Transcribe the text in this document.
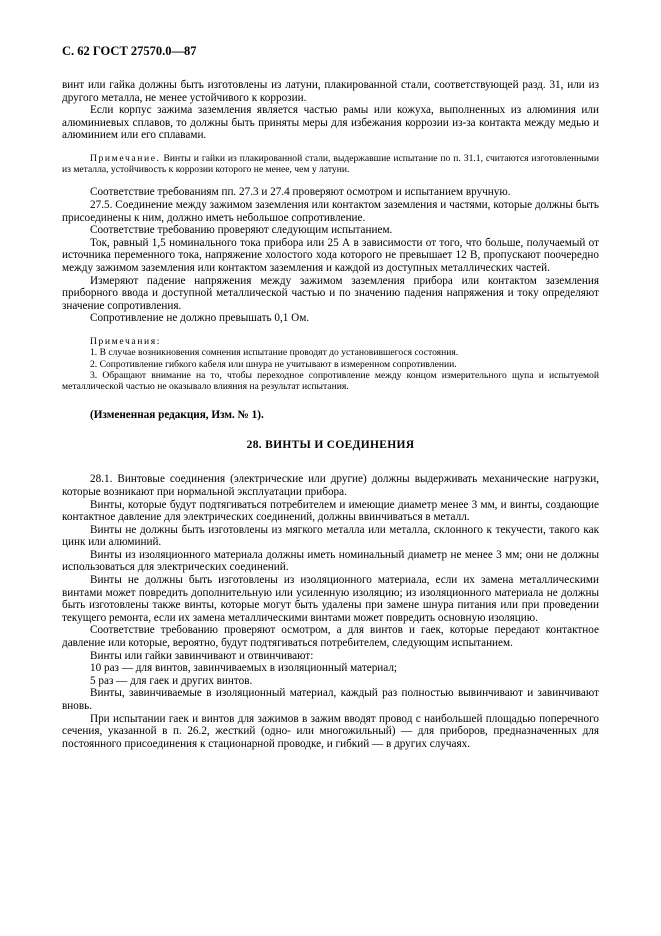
С. 62 ГОСТ 27570.0—87

винт или гайка должны быть изготовлены из латуни, плакированной стали, соответствующей разд. 31, или из другого металла, не менее устойчивого к коррозии.

Если корпус зажима заземления является частью рамы или кожуха, выполненных из алюминия или алюминиевых сплавов, то должны быть приняты меры для избежания коррозии из-за контакта между медью и алюминием или его сплавами.

Примечание. Винты и гайки из плакированной стали, выдержавшие испытание по п. 31.1, считаются изготовленными из металла, устойчивость к коррозии которого не менее, чем у латуни.

Соответствие требованиям пп. 27.3 и 27.4 проверяют осмотром и испытанием вручную.

27.5. Соединение между зажимом заземления или контактом заземления и частями, которые должны быть присоединены к ним, должно иметь небольшое сопротивление.

Соответствие требованию проверяют следующим испытанием.

Ток, равный 1,5 номинального тока прибора или 25 А в зависимости от того, что больше, получаемый от источника переменного тока, напряжение холостого хода которого не превышает 12 В, пропускают поочередно между зажимом заземления или контактом заземления и каждой из доступных металлических частей.

Измеряют падение напряжения между зажимом заземления прибора или контактом заземления приборного ввода и доступной металлической частью и по значению падения напряжения и току определяют значение сопротивления.

Сопротивление не должно превышать 0,1 Ом.

Примечания:

1. В случае возникновения сомнения испытание проводят до установившегося состояния.

2. Сопротивление гибкого кабеля или шнура не учитывают в измеренном сопротивлении.

3. Обращают внимание на то, чтобы переходное сопротивление между концом измерительного щупа и испытуемой металлической частью не оказывало влияния на результат испытания.

(Измененная редакция, Изм. № 1).

28. ВИНТЫ И СОЕДИНЕНИЯ

28.1. Винтовые соединения (электрические или другие) должны выдерживать механические нагрузки, которые возникают при нормальной эксплуатации прибора.

Винты, которые будут подтягиваться потребителем и имеющие диаметр менее 3 мм, и винты, создающие контактное давление для электрических соединений, должны ввинчиваться в металл.

Винты не должны быть изготовлены из мягкого металла или металла, склонного к текучести, такого как цинк или алюминий.

Винты из изоляционного материала должны иметь номинальный диаметр не менее 3 мм; они не должны использоваться для электрических соединений.

Винты не должны быть изготовлены из изоляционного материала, если их замена металлическими винтами может повредить дополнительную или усиленную изоляцию; из изоляционного материала не должны быть изготовлены также винты, которые могут быть удалены при замене шнура питания или при проведении текущего ремонта, если их замена металлическими винтами может повредить основную изоляцию.

Соответствие требованию проверяют осмотром, а для винтов и гаек, которые передают контактное давление или которые, вероятно, будут подтягиваться потребителем, следующим испытанием.

Винты или гайки завинчивают и отвинчивают:

10 раз — для винтов, завинчиваемых в изоляционный материал;

5 раз — для гаек и других винтов.

Винты, завинчиваемые в изоляционный материал, каждый раз полностью вывинчивают и завинчивают вновь.

При испытании гаек и винтов для зажимов в зажим вводят провод с наибольшей площадью поперечного сечения, указанной в п. 26.2, жесткий (одно- или многожильный) — для приборов, предназначенных для постоянного присоединения к стационарной проводке, и гибкий — в других случаях.
